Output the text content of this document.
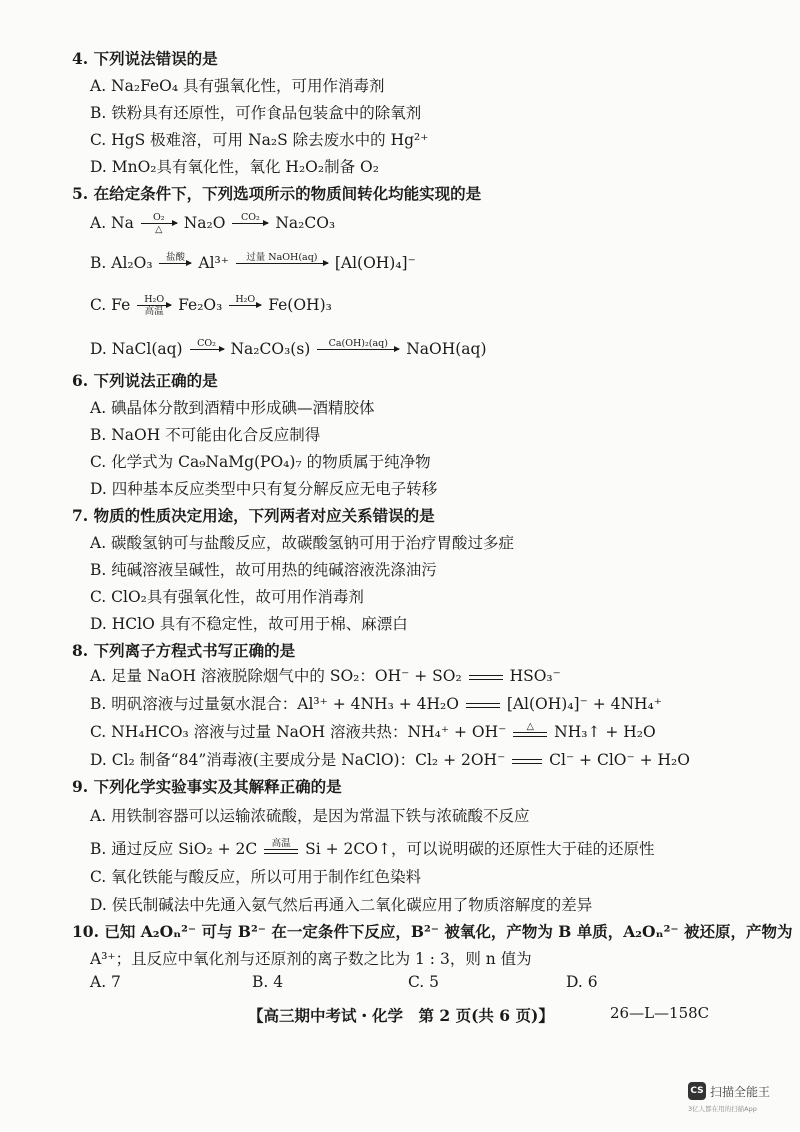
4. 下列说法错误的是
A. Na₂FeO₄ 具有强氧化性，可用作消毒剂
B. 铁粉具有还原性，可作食品包装盒中的除氧剂
C. HgS 极难溶，可用 Na₂S 除去废水中的 Hg²⁺
D. MnO₂具有氧化性，氧化 H₂O₂制备 O₂
5. 在给定条件下，下列选项所示的物质间转化均能实现的是
A. Na	O₂
△	Na₂O	CO₂	Na₂CO₃
B. Al₂O₃	盐酸 Al³⁺	过量 NaOH(aq)	[Al(OH)₄]⁻
C. Fe	H₂O
高温 Fe₂O₃	H₂O Fe(OH)₃
D. NaCl(aq)	CO₂ Na₂CO₃(s)	Ca(OH)₂(aq)	NaOH(aq)
6. 下列说法正确的是
A. 碘晶体分散到酒精中形成碘—酒精胶体
B. NaOH 不可能由化合反应制得
C. 化学式为 Ca₉NaMg(PO₄)₇ 的物质属于纯净物
D. 四种基本反应类型中只有复分解反应无电子转移
7. 物质的性质决定用途，下列两者对应关系错误的是
A. 碳酸氢钠可与盐酸反应，故碳酸氢钠可用于治疗胃酸过多症
B. 纯碱溶液呈碱性，故可用热的纯碱溶液洗涤油污
C. ClO₂具有强氧化性，故可用作消毒剂
D. HClO 具有不稳定性，故可用于棉、麻漂白
8. 下列离子方程式书写正确的是
A. 足量 NaOH 溶液脱除烟气中的 SO₂：OH⁻ + SO₂	HSO₃⁻
B. 明矾溶液与过量氨水混合：Al³⁺ + 4NH₃ + 4H₂O	[Al(OH)₄]⁻ + 4NH₄⁺
C. NH₄HCO₃ 溶液与过量 NaOH 溶液共热：NH₄⁺ + OH⁻	△	NH₃↑ + H₂O
D. Cl₂ 制备“84”消毒液(主要成分是 NaClO)：Cl₂ + 2OH⁻	Cl⁻ + ClO⁻ + H₂O
9. 下列化学实验事实及其解释正确的是
A. 用铁制容器可以运输浓硫酸，是因为常温下铁与浓硫酸不反应
B. 通过反应 SiO₂ + 2C	高温 Si + 2CO↑，可以说明碳的还原性大于硅的还原性
C. 氧化铁能与酸反应，所以可用于制作红色染料
D. 侯氏制碱法中先通入氨气然后再通入二氧化碳应用了物质溶解度的差异
10. 已知 A₂Oₙ²⁻ 可与 B²⁻ 在一定条件下反应，B²⁻ 被氧化，产物为 B 单质，A₂Oₙ²⁻ 被还原，产物为
A³⁺；且反应中氧化剂与还原剂的离子数之比为 1 : 3，则 n 值为
A. 7	B. 4	C. 5	D. 6
【高三期中考试・化学　第 2 页(共 6 页)】	26—L—158C
CS 扫描全能王
3亿人都在用的扫描App
